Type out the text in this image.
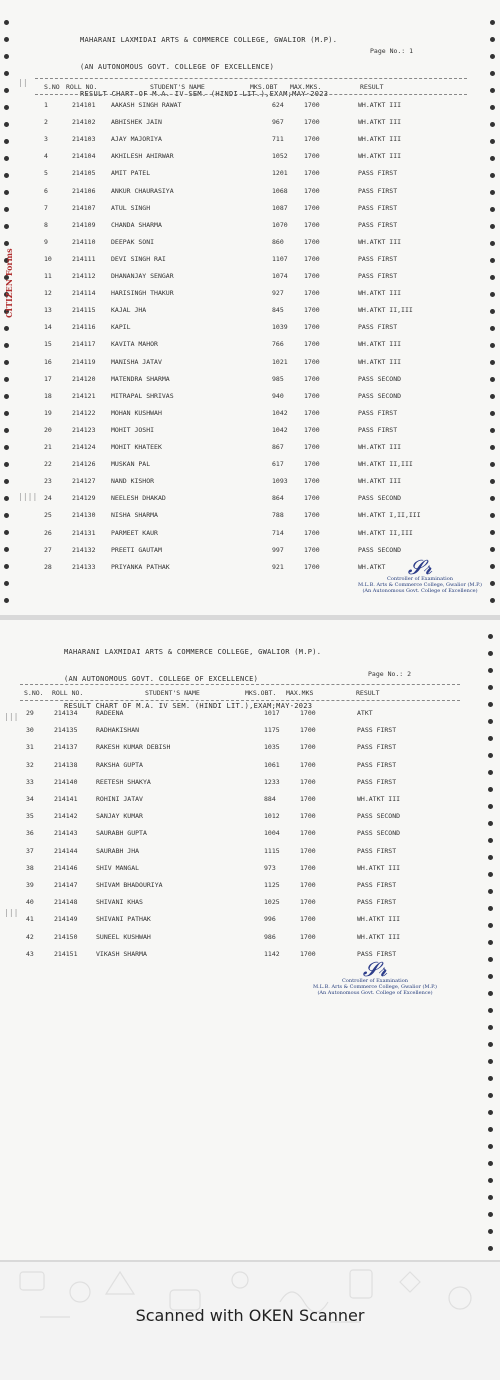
MAHARANI LAXMIDAI ARTS & COMMERCE COLLEGE, GWALIOR (M.P).

(AN AUTONOMOUS GOVT. COLLEGE OF EXCELLENCE)

RESULT CHART OF M.A. IV SEM. (HINDI LIT.),EXAM;MAY-2023

Page No.: 1
S.NO ROLL NO.	STUDENT'S NAME	MKS.OBT MAX.MKS.	RESULT
1	214101 AAKASH SINGH RAWAT	624	1700	WH.ATKT III
2	214102 ABHISHEK JAIN	967	1700	WH.ATKT III
3	214103 AJAY MAJORIYA	711	1700	WH.ATKT III
4	214104 AKHILESH AHIRWAR	1052	1700	WH.ATKT III
5	214105 AMIT PATEL	1201	1700	PASS FIRST
6	214106 ANKUR CHAURASIYA	1068	1700	PASS FIRST
7	214107 ATUL SINGH	1087	1700	PASS FIRST
8	214109 CHANDA SHARMA	1070	1700	PASS FIRST
9	214110 DEEPAK SONI	860	1700	WH.ATKT III
10	214111 DEVI SINGH RAI	1107	1700	PASS FIRST
11	214112 DHANANJAY SENGAR	1074	1700	PASS FIRST
12	214114 HARISINGH THAKUR	927	1700	WH.ATKT III
13	214115 KAJAL JHA	845	1700	WH.ATKT II,III
14	214116 KAPIL	1039	1700	PASS FIRST
15	214117 KAVITA MAHOR	766	1700	WH.ATKT III
16	214119 MANISHA JATAV	1021	1700	WH.ATKT III
17	214120 MATENDRA SHARMA	985	1700	PASS SECOND
18	214121 MITRAPAL SHRIVAS	940	1700	PASS SECOND
19	214122 MOHAN KUSHWAH	1042	1700	PASS FIRST
20	214123 MOHIT JOSHI	1042	1700	PASS FIRST
21	214124 MOHIT KHATEEK	867	1700	WH.ATKT III
22	214126 MUSKAN PAL	617	1700	WH.ATKT II,III
23	214127 NAND KISHOR	1093	1700	WH.ATKT III
24	214129 NEELESH DHAKAD	864	1700	PASS SECOND
25	214130 NISHA SHARMA	788	1700	WH.ATKT I,II,III
26	214131 PARMEET KAUR	714	1700	WH.ATKT II,III
27	214132 PREETI GAUTAM	997	1700	PASS SECOND
28	214133 PRIYANKA PATHAK	921	1700	WH.ATKT
CITIZEN Forms
||
||||
𝓢𝓻
Controller of Examination
M.L.B. Arts & Commerce College, Gwalior (M.P.)
(An Autonomous Govt. College of Excellence)

MAHARANI LAXMIDAI ARTS & COMMERCE COLLEGE, GWALIOR (M.P).

(AN AUTONOMOUS GOVT. COLLEGE OF EXCELLENCE)

RESULT CHART OF M.A. IV SEM. (HINDI LIT.),EXAM;MAY-2023

Page No.: 2
S.NO. ROLL NO.	STUDENT'S NAME	MKS.OBT. MAX.MKS	RESULT
29	214134	RADEENA	1017	1700	ATKT
30	214135	RADHAKISHAN	1175	1700	PASS FIRST
31	214137	RAKESH KUMAR DEBISH	1035	1700	PASS FIRST
32	214138	RAKSHA GUPTA	1061	1700	PASS FIRST
33	214140	REETESH SHAKYA	1233	1700	PASS FIRST
34	214141	ROHINI JATAV	884	1700	WH.ATKT III
35	214142	SANJAY KUMAR	1012	1700	PASS SECOND
36	214143	SAURABH GUPTA	1004	1700	PASS SECOND
37	214144	SAURABH JHA	1115	1700	PASS FIRST
38	214146	SHIV MANGAL	973	1700	WH.ATKT III
39	214147	SHIVAM BHADOURIYA	1125	1700	PASS FIRST
40	214148	SHIVANI KHAS	1025	1700	PASS FIRST
41	214149	SHIVANI PATHAK	996	1700	WH.ATKT III
42	214150	SUNEEL KUSHWAH	986	1700	WH.ATKT III
43	214151	VIKASH SHARMA	1142	1700	PASS FIRST
|||
|||
𝓢𝓻
Controller of Examination
M.L.B. Arts & Commerce College, Gwalior (M.P.)
(An Autonomous Govt. College of Excellence)
Scanned with OKEN Scanner
